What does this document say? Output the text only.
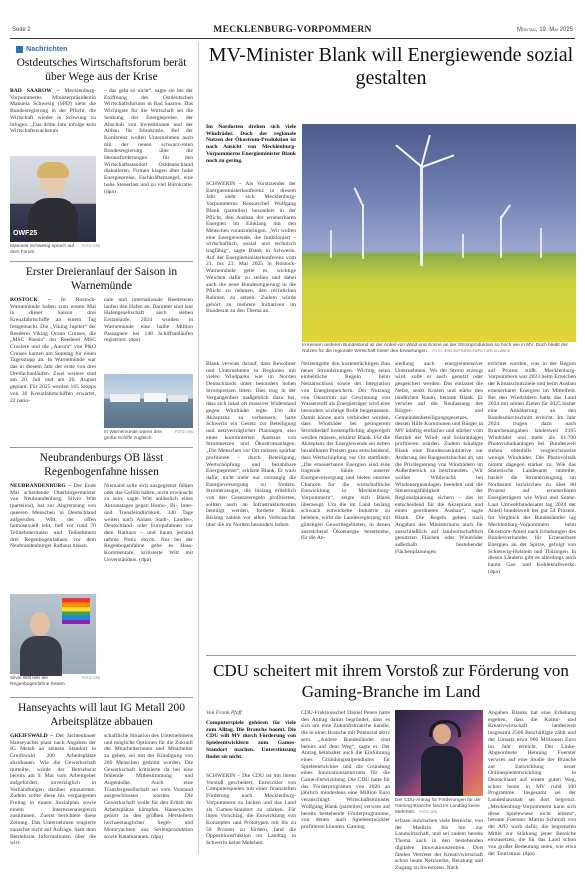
Seite 2	MECKLENBURG-VORPOMMERN	Montag, 19. Mai 2025
Nachrichten
Ostdeutsches Wirtschaftsforum berät über Wege aus der Krise
BAD SAAROW – Mecklenburg-Vorpommerns Ministerpräsidentin Manuela Schwesig (SPD) sieht die Bundesregierung in der Pflicht, die Wirtschaft wieder in Schwung zu bringen. „Das dritte Jahr infolge kein Wirtschaftswachstum
OWF25
FOTO: DPA
Manuela Schwesig sprach auf dem Forum
– das geht so nicht“, sagte sie bei der Eröffnung des Ostdeutschen Wirtschaftsforums in Bad Saarow. Das Wichtigste für die Wirtschaft sei die Senkung der Energiepreise, der Abschub von Investitionen und der Abbau für Bürokratie. Bei der Konferenz wollen Unternehmen auch mit der neuen schwarz-roten Bundesregierung über die Herausforderungen für den Wirtschaftsstandort Ostdeutschland diskutieren. Firmen klagen über hohe Energiepreise, Fachkräftemangel, eine hohe Steuerlast und zu viel Bürokratie. (dpa)
Erster Dreieranlauf der Saison in Warnemünde
ROSTOCK – In Rostock-Warnemünde haben zum ersten Mal in dieser Saison drei Kreuzfahrtschiffe an einem Tag festgemacht. Die „Viking Jupiter“ der Reederei Viking Ocean Cruises, die „MSC Poesia“ der Reederei MSC Crociere und die „Aurora“ von P&O Cruises kamen am Sonntag für einen Tagesstopp an. In Warnemünde war das in diesem Jahr der erste von drei Dreifachanläufen. Zwei weitere sind am 20. Juli und am 20. August geplant. Für 2025 werden 165 Stopps von 36 Kreuzfahrtschiffen erwartet, 22 natio-
nale und internationale Reedereien laufen den Hafen an. Darunter sind laut Hafengesellschaft auch sieben Erstanläufe. 2024 wurden in Warnemünde eine halbe Million Passagiere bei 148 Schiffsanläufen registriert. (dpa)
FOTO: DPA
In Warnemünde waren drei große Schiffe zugleich.
Neubrandenburgs OB lässt Regenbogenfahne hissen
NEUBRANDENBURG – Der Ende Mai scheidende Oberbürgermeister von Neubrandenburg, Silvio Witt (parteilos), hat zur Abgrenzung von queeren Menschen in Deutschland aufgerufen. Witt, der offen homosexuell lebt, ließ vor rund 70 Teilnehmerinnen und Teilnehmern drei Regenbogenfahnen vor dem Neubrandenburger Rathaus hissen.
FOTO: DPA
Silvio Witt ließ die Regenbogenfahne hissen.
Niemand solle sich ausgegrenzt fühlen oder das Gefühl haben, nicht erwünscht zu sein, sagte Witt anlässlich eines Aktionstages gegen Homo-, Bi-, Inter- und Transfeindlichkeit. 340 Tage weiten nach Anlass Stadt-, Landes-, Deutschland- oder Europafahnen vor dem Rathaus – und kaum jemand nehme Notiz davon. Nur bei der Regenbogenfahne gebe es Hass-Kommentare, kritisierte Witt mit Unverständnis. (dpa)
Hanseyachts will laut IG Metall 200 Arbeitsplätze abbauen
GREIFSWALD – Der Jachtenbauer Hanseyachts plant nach Angaben der IG Metall an seinem Standort in Greifswald 200 Arbeitsplätze abzubauen. Wie die Gewerkschaft mitteilte, wurde der Betriebsrat bereits am 9. Mai vom Arbeitgeber aufgefordert, unverzüglich in Verhandlungen darüber einzutreten. Zudem sollte diese bis vergangenen Freitag in einem Sozialplan sowie einem Interessenausgleich zustimmen. Zuerst berichtete diese Zeitung. Das Unternehmen reagierte zunächst nicht auf Anfrage. Statt dem Betriebsrat Informationen über die wirt-
schaftliche Situation des Unternehmens und mögliche Optionen für die Zukunft der Mitarbeiterinnen und Mitarbeiter zu geben, sei mit der Kündigung von 200 Menschen gedroht worden. Die Gewerkschaft kritisierte da bei eine fehlende Mitbestimmung und Augenhöhe. Auch eine Transfergesellschaft sei vom Vorstand ausgeschlossen worden. Die Gewerkschaft wolle für den Erhalt der Arbeitsplätze kämpfen. Hanseyachts gehört zu den größten Herstellern hochseetauglicher Segel- und Motoryachten aus Serienproduktion sowie Katamaranen. (dpa)
MV-Minister Blank will Energiewende sozial gestalten
Im Nordosten drehen sich viele Windräder. Doch der regionale Nutzen der Ökostrom-Produktion ist nach Ansicht von Mecklenburg-Vorpommerns Energieminister Blank noch zu gering.
In keinem anderen Bundesland ist der Anteil von Wind und Sonne an der Stromproduktion so hoch wie in MV. Doch bleibt der Nutzen für die regionale Wirtschaft hinter den Erwartungen. FOTO: JENS BÜTTNER/DPA/PICTURE ALLIANCE
SCHWERIN – Als Vorsitzender der Energieministerkonferenz in diesem Jahr sieht sich Mecklenburg-Vorpommerns Ressortchef Wolfgang Blank (parteilos) besonders in der Pflicht, den Ausbau der erneuerbaren Energien im Einklang mit den Menschen voranzubringen. „Wir wollen eine Energiewende, die funktioniert – wirtschaftlich, sozial und technisch tragfähig“, sagte Blank in Schwerin. Auf der Energieministerkonferenz vom 21. bis 23. Mai 2025 in Rostock-Warnemünde gelte es, wichtige Weichen dafür zu stellen und dabei auch die neue Bundesregierung in die Pflicht zu nehmen, den rechtlichen Rahmen zu setzen. Zudem würde gehört zu mehrere Initiativen im Bundesrat zu den Thema an.
Blank verwies darauf, dass Bewohner und Unternehmen in Regionen mit vielen Windparks wie im Norden Deutschlands unter besonders hohen Strompreisen litten. Dies trug in der Vergangenheit maßgeblich dazu bei, dass sich lokal oft massiver Widerstand gegen Windräder regte. Um die Akzeptanz zu verbessern, hatte Schwerin ein Gesetz zur Beteiligung und netzverträglicher Planungen, also eines koordinierten Ausbaus von Stromnetzen und Ökostromanlagen. „Die Menschen vor Ort müssen spürbar profitieren – durch Beteiligung, Wertschöpfung und bezahlbare Energiepreise“, erklärte Blank. Er warb dafür, nicht mehr nur vorrangig die Energieversorgung zu fördern. Stromerzeuger, die bislang erheblich von den Gesetzesregeln profitierten, sollten auch an Infrastrukturkosten beteiligt werden, forderte Blank. Bislang zahlen vor allem Verbraucher über die im Norden besonders hohen
Netzentgelte den kostenträchtigen Bau neuer Stromleitungen. Wichtig seien einheitliche Regeln beim Netzanschluss sowie der Integration von Energiespeichern. Der Nutzung von Ökostrom zur Gewinnung von Wasserstoff als Energieträger wird eine besonders wichtige Rolle beigemessen. Damit könne auch verhindert werden, dass Windräder bei geringerem Strombedarf kostenpflichtig abgeregelt werden müssen, erklärte Blank. Für die Akzeptanz der Energiewende sei neben bezahlbaren Preisen ganz entscheidend, dass Wertschöpfung vor Ort stattfinde. „Die erneuerbaren Energien sind eine tragende Säule unserer Energieversorgung und bieten enorme Chancen für die wirtschaftliche Entwicklung in Mecklenburg-Vorpommern“, zeigte sich Blank überzeugt. Um die im Land bislang schwach entwickelte Industrie zu beleben, wirbt die Landesregierung mit günstigen Gewerbegebieten, in denen ausreichend Ökoenergie bereitstehe, für die An-
siedlung auch energieintensiver Unternehmen. Wo der Strom erzeugt wird, solle er auch genutzt oder gespeichert werden. Das entlastet die Netze, senkt Kosten und stärkt den ländlichen Raum, betonte Blank. Er verwies auf die Neufassung des Bürger- und Gemeindenbeteiligungsgesetzes, dessen Hilfe Kommunen und Bürger in MV künftig einfacher und stärker vom Betrieb der Wind- und Solaranlagen profitieren würden. Zudem kündigte Blank eine Bundesratsinitiative zur Änderung des Baugesetzbuches an, um die Privilegierung von Windrädern im Außenbereich zu beschneiden. „Wir wollen Wildwuchs bei Windenergieanlagen beenden und die Steuerungsfähigkeit der Regionalplanung sichern – das ist entscheidend für die Akzeptanz und einen geordneten Ausbau“, sagte Blank. Die Regeln gelten nach Angaben des Ministeriums auch für ausschließlich auf landwirtschaftlich genutzten Flächen oder Windräder außerhalb bestehender Flächenplanungen
errichtet worden, was in der Region auf Protest stößt. Mecklenburg-Vorpommern war 2023 beim Erreichen der Klimaschutzziele und beim Ausbau erneuerbarer Energien im Mittelfeld. Bei den Windrädern hatte das Land 2024 mit seinen Zielen für 2025 bisher eine Annäherung an den Bundesdurchschnitt erreicht. Im Jahr 2024 trugen dazu nach Branchenangaben landesweit 2165 Windräder und mehr als 61.700 Photovoltaikanlagen bei. Bundesweit stehen ebenfalls vergleichsweise wenige Windräder. Die Photovoltaik nimmt dagegen stärker zu. Wie das Statistische Landesamt mitteilte, basiert die Stromerzeugung im Nordosten inzwischen zu über 80 Prozent auf erneuerbaren Energieträgern wie Wind und Sonne. Laut Umweltbundesamt lag 2024 der Anteil bundesweit bei gut 54 Prozent. Im Vergleich der Bundesländer lag Mecklenburg-Vorpommern beim Ökostrom-Anteil nach Erhebungen des Bundesverbandes für Erneuerbare Energien an der Spitze, gefolgt von Schleswig-Holstein und Thüringen. In diesen Ländern gibt es allerdings auch kaum Gas- und Kohlekraftwerke. (dpa)
CDU scheitert mit ihrem Vorstoß zur Förderung von Gaming-Branche im Land
Von Frank Pfaff
Computerspiele gehören für viele zum Alltag. Die Branche boomt. Die CDU will MV durch Förderung von Spieleentwicklern zum Games-Standort machen. Unterstützung findet sie nicht.
SCHWERIN – Die CDU ist mit ihrem Vorstoß gescheitert, Entwickler von Computerspielen mit einer finanziellen Förderung nach Mecklenburg-Vorpommern zu locken und das Land als Games-Standort zu stärken. Für ihren Vorschlag, die Entwicklung von Konzepten und Prototypen mit bis zu 50 Prozent zu fördern, fand die Oppositionsfraktion im Landtag in Schwerin keine Mehrheit.
CDU-Fraktionschef Daniel Peters hatte den Antrag damit begründet, dass es sich um eine Zukunftsbranche handle, die in einer Branche mit Potenzial aktiv sein. „Andere Bundesländer sind bereits auf dem Weg“, sagte er. Der Antrag beinhaltet auch die Einführung eines Gründungsstipendiums für Spieleentwickler und die Gründung eines Innovationszentrums für die Game-Entwicklung. Die CDU hatte für das Förderprogramm von 2026 an jährlich mindestens eine Million Euro veranschlagt. Wirtschaftsminister Wolfgang Blank (parteilos) verwies auf bereits bestehende Förderprogramme, von denen auch Spieleentwickler profitieren könnten. Gaming
Der CDU-Antrag für Förderungen für die Gaming-Branche fand im Landtag keine Mehrheit. FOTO: DPA
erfasse inzwischen viele Bereiche, von der Medizin bis hin zur Landwirtschaft, und sei zudem bereits Thema auch in den bestehenden digitalen Innovationszentren. Dort fänden Vertreter der Kreativwirtschaft schon heute Netzwerke, Beratung und Zugang zu Investoren. Nach
Angaben Blanks hat eine Erhebung ergeben, dass die Kultur- und Kreativwirtschaft landesweit insgesamt 2500 Beschäftigte zählt und der Umsatz etwa 900 Millionen Euro im Jahr erreicht. Der Linke-Abgeordnete Henning Foerster verwies auf eine Studie der Branche zur Entwicklung neuer Onlinespielentwicklung in Deutschland auf einem guten Weg, schon heute in MV rund 100 Programme. Insgesamt sei der Landeshaushalt sei dort begrenzt. „Mecklenburg-Vorpommern kann sich diese Spielewiese nicht leisten“, betonte Foerster. Martin Schmidt von der AfD warb dafür, die begrenzten Mittel zur Stärkung jener Bereiche einzusetzen, die für das Land schon von großer Bedeutung seien, wie etwa der Tourismus. (dpa)
